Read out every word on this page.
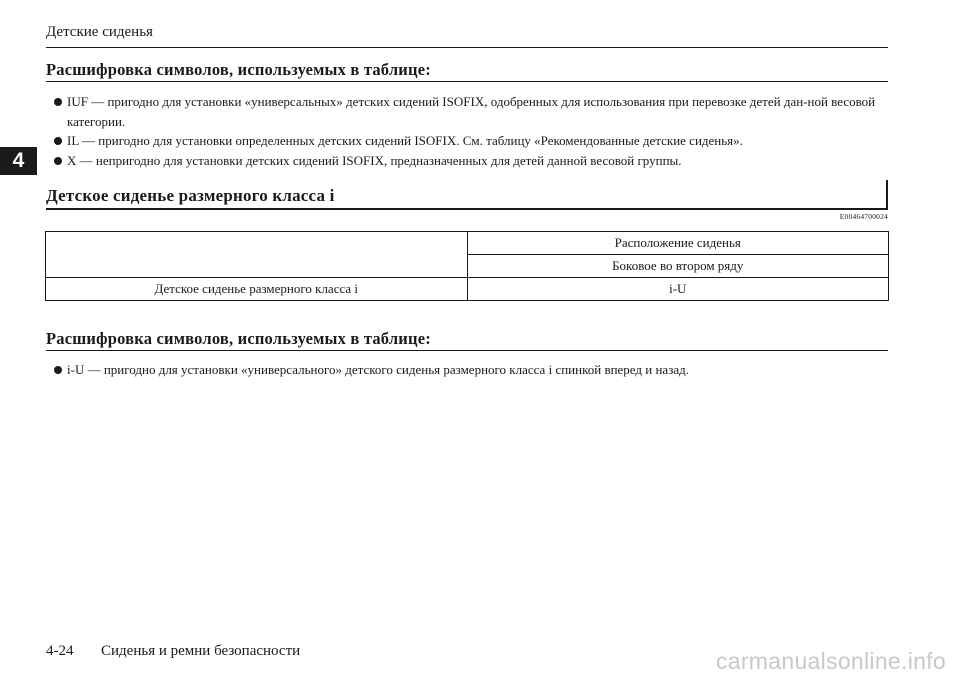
Детские сиденья
4
Расшифровка символов, используемых в таблице:
IUF — пригодно для установки «универсальных» детских сидений ISOFIX, одобренных для использования при перевозке детей дан-ной весовой категории.
IL — пригодно для установки определенных детских сидений ISOFIX. См. таблицу «Рекомендованные детские сиденья».
X — непригодно для установки детских сидений ISOFIX, предназначенных для детей данной весовой группы.
Детское сиденье размерного класса i
E00464700024
	Расположение сиденья
	Боковое во втором ряду
Детское сиденье размерного класса i	i-U
Расшифровка символов, используемых в таблице:
i-U — пригодно для установки «универсального» детского сиденья размерного класса i спинкой вперед и назад.
4-24 Сиденья и ремни безопасности	carmanualsonline.info
